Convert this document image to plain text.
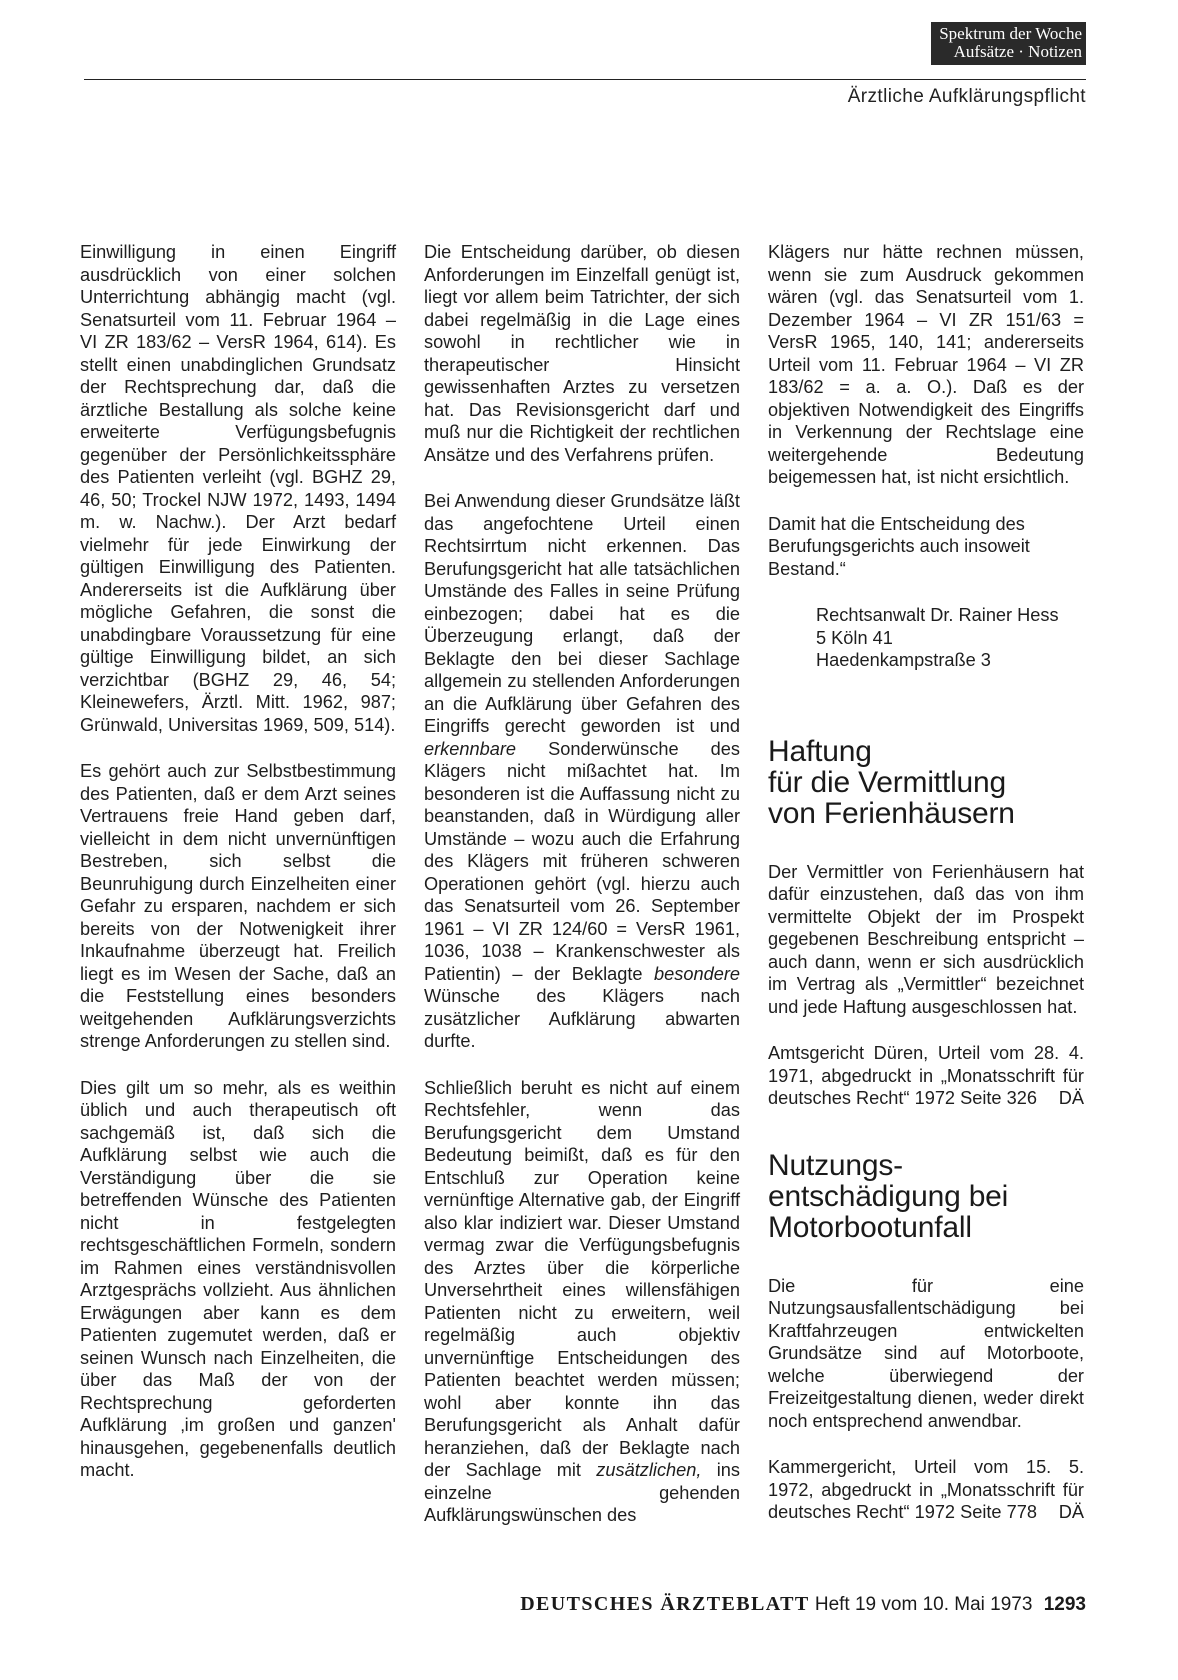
Spektrum der Woche
Aufsätze · Notizen
Ärztliche Aufklärungspflicht

Einwilligung in einen Eingriff ausdrücklich von einer solchen Unterrichtung abhängig macht (vgl. Senatsurteil vom 11. Februar 1964 – VI ZR 183/62 – VersR 1964, 614). Es stellt einen unabdinglichen Grundsatz der Rechtsprechung dar, daß die ärztliche Bestallung als solche keine erweiterte Verfügungsbefugnis gegenüber der Persönlichkeitssphäre des Patienten verleiht (vgl. BGHZ 29, 46, 50; Trockel NJW 1972, 1493, 1494 m. w. Nachw.). Der Arzt bedarf vielmehr für jede Einwirkung der gültigen Einwilligung des Patienten. Andererseits ist die Aufklärung über mögliche Gefahren, die sonst die unabdingbare Voraussetzung für eine gültige Einwilligung bildet, an sich verzichtbar (BGHZ 29, 46, 54; Kleinewefers, Ärztl. Mitt. 1962, 987; Grünwald, Universitas 1969, 509, 514).

Es gehört auch zur Selbstbestimmung des Patienten, daß er dem Arzt seines Vertrauens freie Hand geben darf, vielleicht in dem nicht unvernünftigen Bestreben, sich selbst die Beunruhigung durch Einzelheiten einer Gefahr zu ersparen, nachdem er sich bereits von der Notwenigkeit ihrer Inkaufnahme überzeugt hat. Freilich liegt es im Wesen der Sache, daß an die Feststellung eines besonders weitgehenden Aufklärungsverzichts strenge Anforderungen zu stellen sind.

Dies gilt um so mehr, als es weithin üblich und auch therapeutisch oft sachgemäß ist, daß sich die Aufklärung selbst wie auch die Verständigung über die sie betreffenden Wünsche des Patienten nicht in festgelegten rechtsgeschäftlichen Formeln, sondern im Rahmen eines verständnisvollen Arztgesprächs vollzieht. Aus ähnlichen Erwägungen aber kann es dem Patienten zugemutet werden, daß er seinen Wunsch nach Einzelheiten, die über das Maß der von der Rechtsprechung geforderten Aufklärung ‚im großen und ganzen' hinausgehen, gegebenenfalls deutlich macht.

Die Entscheidung darüber, ob diesen Anforderungen im Einzelfall genügt ist, liegt vor allem beim Tatrichter, der sich dabei regelmäßig in die Lage eines sowohl in rechtlicher wie in therapeutischer Hinsicht gewissenhaften Arztes zu versetzen hat. Das Revisionsgericht darf und muß nur die Richtigkeit der rechtlichen Ansätze und des Verfahrens prüfen.

Bei Anwendung dieser Grundsätze läßt das angefochtene Urteil einen Rechtsirrtum nicht erkennen. Das Berufungsgericht hat alle tatsächlichen Umstände des Falles in seine Prüfung einbezogen; dabei hat es die Überzeugung erlangt, daß der Beklagte den bei dieser Sachlage allgemein zu stellenden Anforderungen an die Aufklärung über Gefahren des Eingriffs gerecht geworden ist und erkennbare Sonderwünsche des Klägers nicht mißachtet hat. Im besonderen ist die Auffassung nicht zu beanstanden, daß in Würdigung aller Umstände – wozu auch die Erfahrung des Klägers mit früheren schweren Operationen gehört (vgl. hierzu auch das Senatsurteil vom 26. September 1961 – VI ZR 124/60 = VersR 1961, 1036, 1038 – Krankenschwester als Patientin) – der Beklagte besondere Wünsche des Klägers nach zusätzlicher Aufklärung abwarten durfte.

Schließlich beruht es nicht auf einem Rechtsfehler, wenn das Berufungsgericht dem Umstand Bedeutung beimißt, daß es für den Entschluß zur Operation keine vernünftige Alternative gab, der Eingriff also klar indiziert war. Dieser Umstand vermag zwar die Verfügungsbefugnis des Arztes über die körperliche Unversehrtheit eines willensfähigen Patienten nicht zu erweitern, weil regelmäßig auch objektiv unvernünftige Entscheidungen des Patienten beachtet werden müssen; wohl aber konnte ihn das Berufungsgericht als Anhalt dafür heranziehen, daß der Beklagte nach der Sachlage mit zusätzlichen, ins einzelne gehenden Aufklärungswünschen des

Klägers nur hätte rechnen müssen, wenn sie zum Ausdruck gekommen wären (vgl. das Senatsurteil vom 1. Dezember 1964 – VI ZR 151/63 = VersR 1965, 140, 141; andererseits Urteil vom 11. Februar 1964 – VI ZR 183/62 = a. a. O.). Daß es der objektiven Notwendigkeit des Eingriffs in Verkennung der Rechtslage eine weitergehende Bedeutung beigemessen hat, ist nicht ersichtlich.

Damit hat die Entscheidung des Berufungsgerichts auch insoweit Bestand.“

Rechtsanwalt Dr. Rainer Hess
5 Köln 41
Haedenkampstraße 3
Haftung
für die Vermittlung
von Ferienhäusern

Der Vermittler von Ferienhäusern hat dafür einzustehen, daß das von ihm vermittelte Objekt der im Prospekt gegebenen Beschreibung entspricht – auch dann, wenn er sich ausdrücklich im Vertrag als „Vermittler“ bezeichnet und jede Haftung ausgeschlossen hat.

Amtsgericht Düren, Urteil vom 28. 4. 1971, abgedruckt in „Monatsschrift für deutsches Recht“ 1972 Seite 326 DÄ

Nutzungs-
entschädigung bei
Motorbootunfall

Die für eine Nutzungsausfallentschädigung bei Kraftfahrzeugen entwickelten Grundsätze sind auf Motorboote, welche überwiegend der Freizeitgestaltung dienen, weder direkt noch entsprechend anwendbar.

Kammergericht, Urteil vom 15. 5. 1972, abgedruckt in „Monatsschrift für deutsches Recht“ 1972 Seite 778 DÄ

DEUTSCHES ÄRZTEBLATT Heft 19 vom 10. Mai 1973 1293
